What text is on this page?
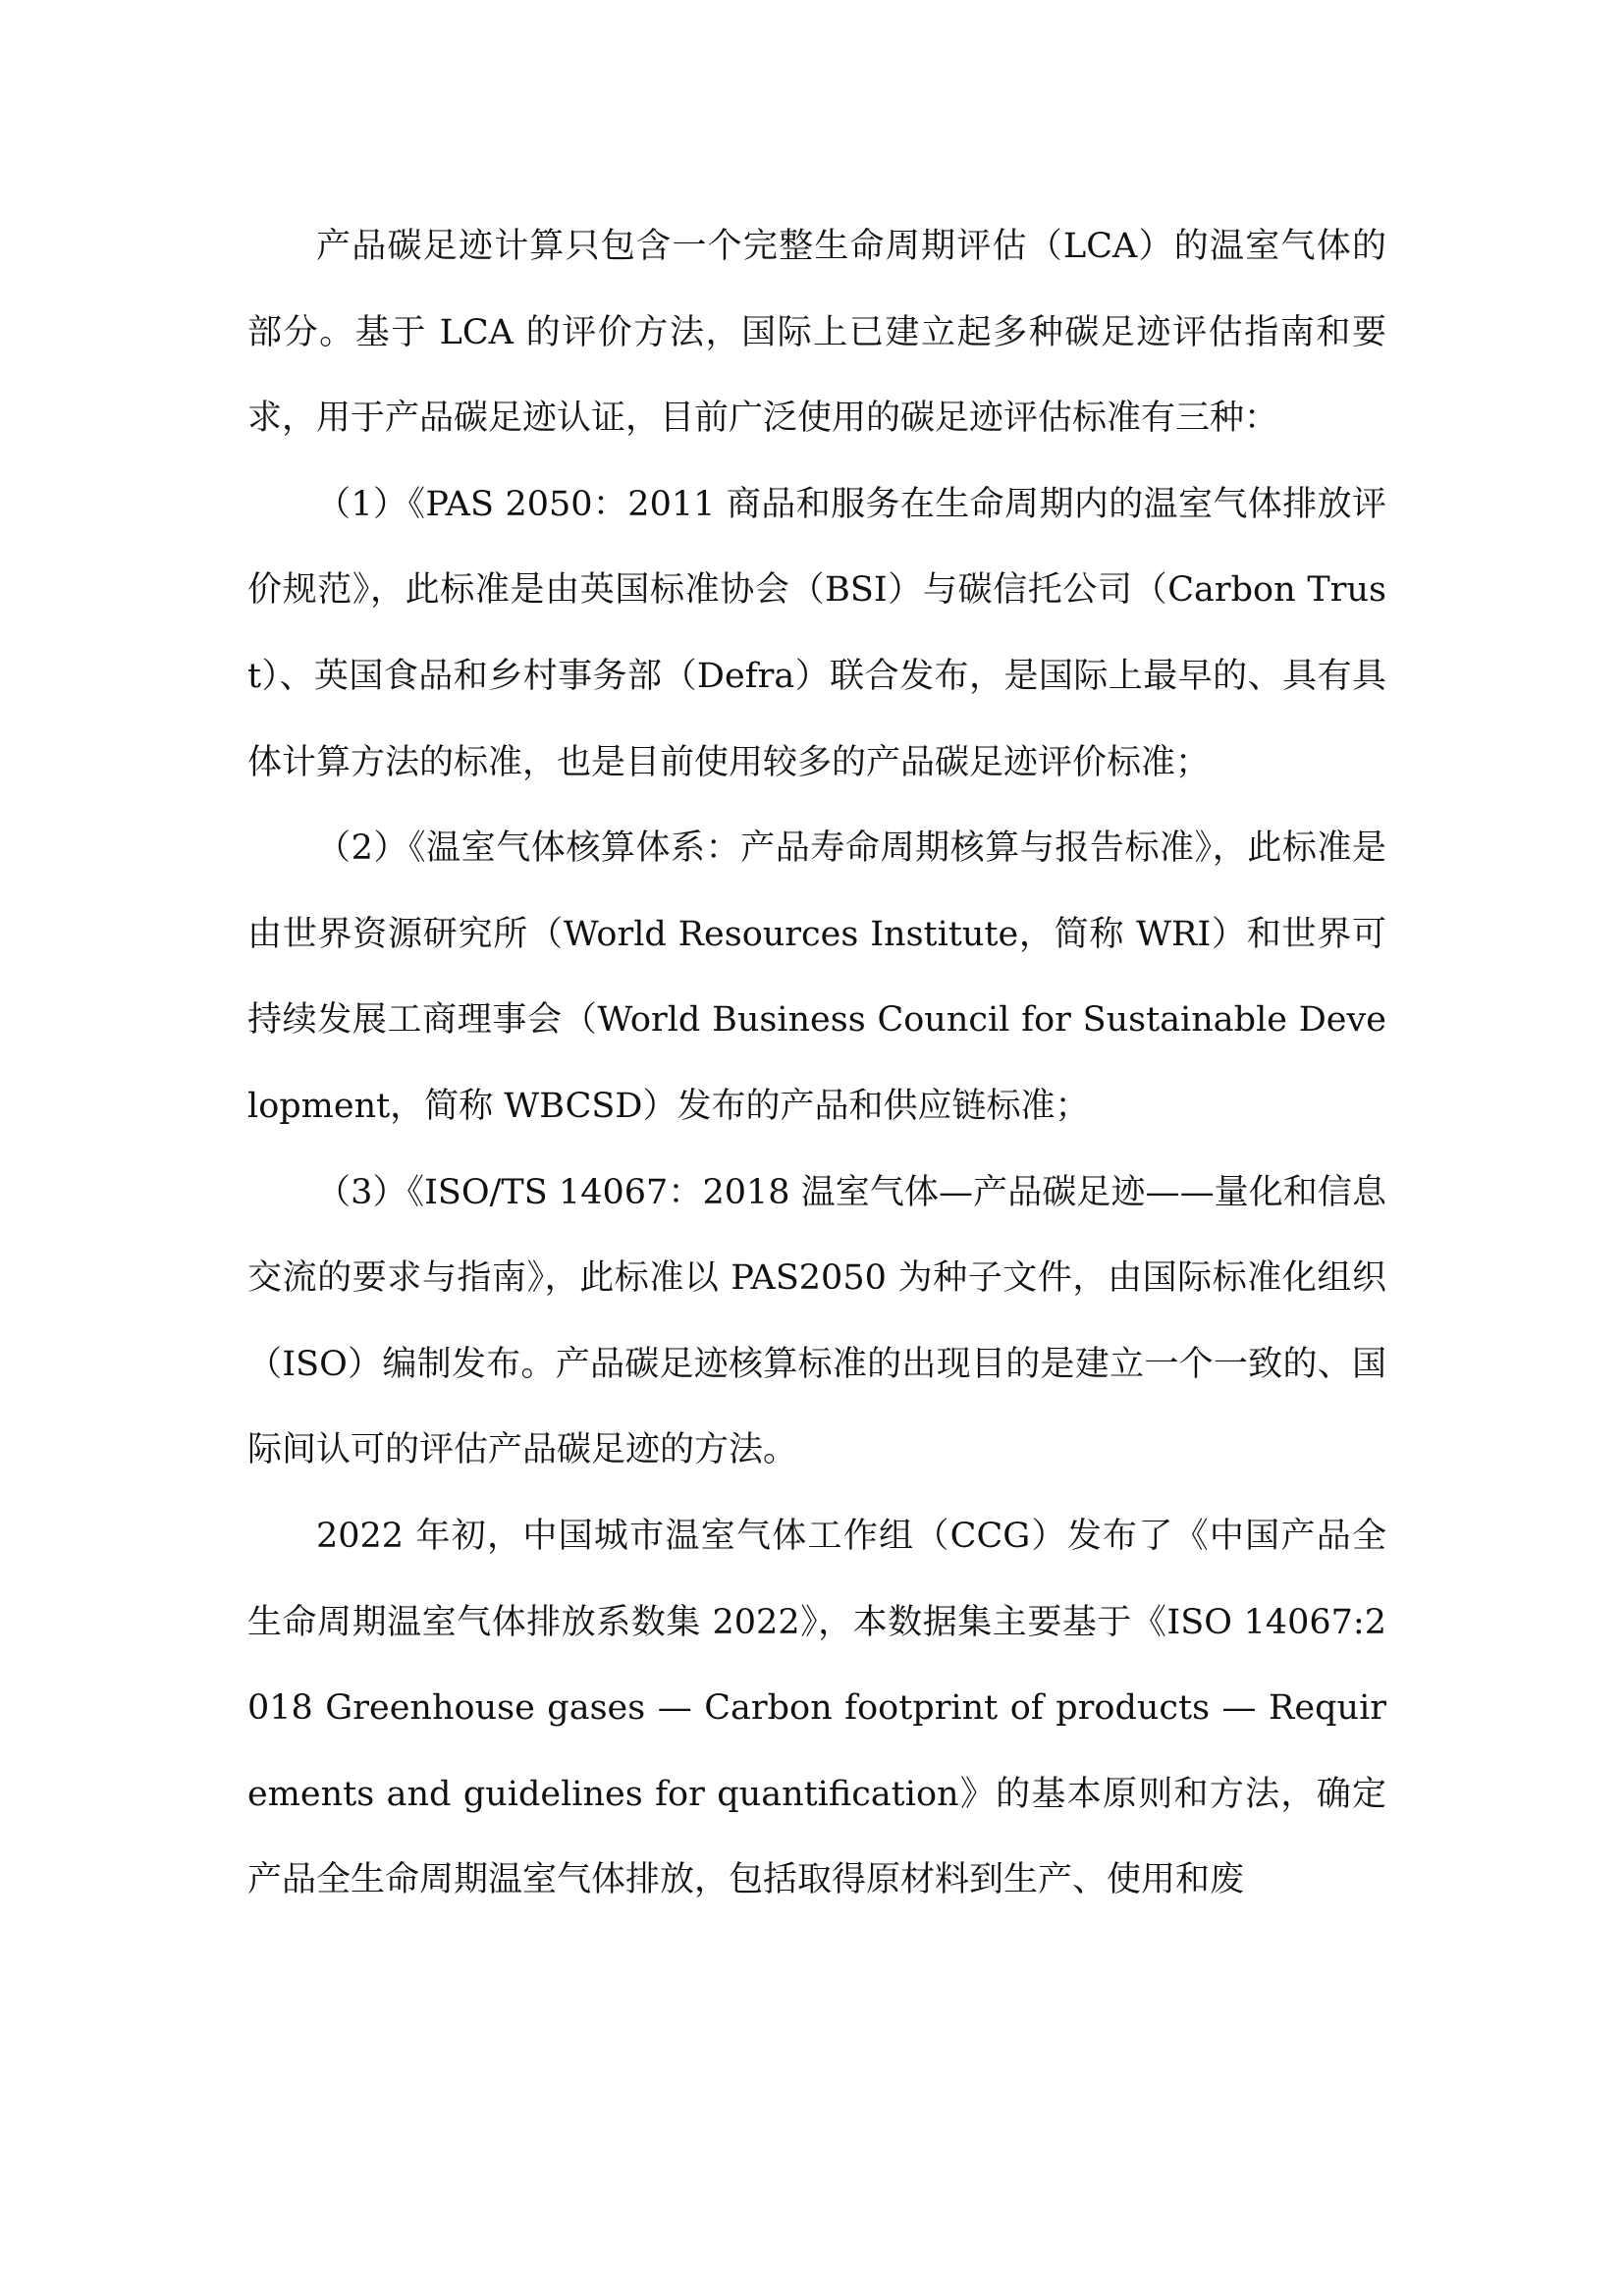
产品碳足迹计算只包含一个完整生命周期评估（LCA）的温室气体的部分。基于 LCA 的评价方法，国际上已建立起多种碳足迹评估指南和要求，用于产品碳足迹认证，目前广泛使用的碳足迹评估标准有三种：

（1）《PAS 2050：2011 商品和服务在生命周期内的温室气体排放评价规范》，此标准是由英国标准协会（BSI）与碳信托公司（Carbon Trust）、英国食品和乡村事务部（Defra）联合发布，是国际上最早的、具有具体计算方法的标准，也是目前使用较多的产品碳足迹评价标准；

（2）《温室气体核算体系：产品寿命周期核算与报告标准》，此标准是由世界资源研究所（World Resources Institute，简称 WRI）和世界可持续发展工商理事会（World Business Council for Sustainable Development，简称 WBCSD）发布的产品和供应链标准；

（3）《ISO/TS 14067：2018 温室气体—产品碳足迹——量化和信息交流的要求与指南》，此标准以 PAS2050 为种子文件，由国际标准化组织（ISO）编制发布。产品碳足迹核算标准的出现目的是建立一个一致的、国际间认可的评估产品碳足迹的方法。

2022 年初，中国城市温室气体工作组（CCG）发布了《中国产品全生命周期温室气体排放系数集 2022》，本数据集主要基于《ISO 14067:2018 Greenhouse gases — Carbon footprint of products — Requirements and guidelines for quantification》的基本原则和方法，确定产品全生命周期温室气体排放，包括取得原材料到生产、使用和废
